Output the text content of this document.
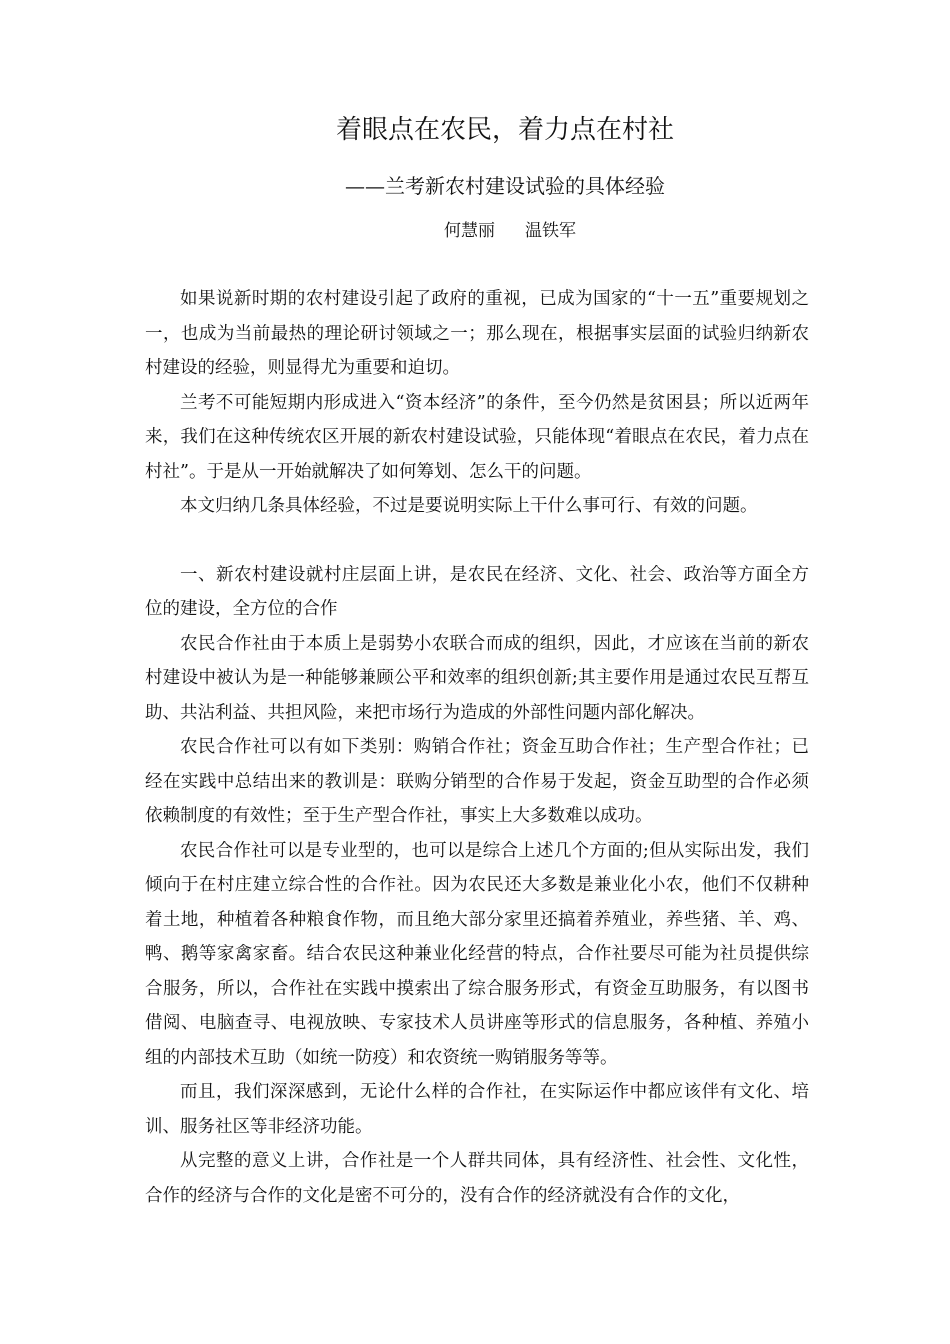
着眼点在农民，着力点在村社
——兰考新农村建设试验的具体经验
何慧丽 温铁军

如果说新时期的农村建设引起了政府的重视，已成为国家的“十一五”重要规划之一，也成为当前最热的理论研讨领域之一；那么现在，根据事实层面的试验归纳新农村建设的经验，则显得尤为重要和迫切。

兰考不可能短期内形成进入“资本经济”的条件，至今仍然是贫困县；所以近两年来，我们在这种传统农区开展的新农村建设试验，只能体现“着眼点在农民，着力点在村社”。于是从一开始就解决了如何筹划、怎么干的问题。

本文归纳几条具体经验，不过是要说明实际上干什么事可行、有效的问题。

一、新农村建设就村庄层面上讲，是农民在经济、文化、社会、政治等方面全方位的建设，全方位的合作

农民合作社由于本质上是弱势小农联合而成的组织，因此，才应该在当前的新农村建设中被认为是一种能够兼顾公平和效率的组织创新;其主要作用是通过农民互帮互助、共沾利益、共担风险，来把市场行为造成的外部性问题内部化解决。

农民合作社可以有如下类别：购销合作社；资金互助合作社；生产型合作社；已经在实践中总结出来的教训是：联购分销型的合作易于发起，资金互助型的合作必须依赖制度的有效性；至于生产型合作社，事实上大多数难以成功。

农民合作社可以是专业型的，也可以是综合上述几个方面的;但从实际出发，我们倾向于在村庄建立综合性的合作社。因为农民还大多数是兼业化小农，他们不仅耕种着土地，种植着各种粮食作物，而且绝大部分家里还搞着养殖业，养些猪、羊、鸡、鸭、鹅等家禽家畜。结合农民这种兼业化经营的特点，合作社要尽可能为社员提供综合服务，所以，合作社在实践中摸索出了综合服务形式，有资金互助服务，有以图书借阅、电脑查寻、电视放映、专家技术人员讲座等形式的信息服务，各种植、养殖小组的内部技术互助（如统一防疫）和农资统一购销服务等等。

而且，我们深深感到，无论什么样的合作社，在实际运作中都应该伴有文化、培训、服务社区等非经济功能。

从完整的意义上讲，合作社是一个人群共同体，具有经济性、社会性、文化性，合作的经济与合作的文化是密不可分的，没有合作的经济就没有合作的文化，
